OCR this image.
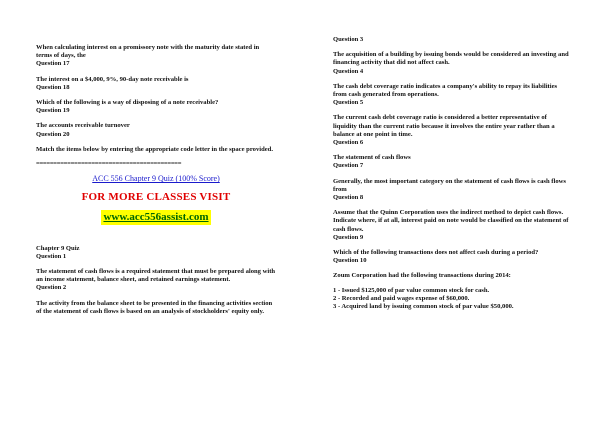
When calculating interest on a promissory note with the maturity date stated in terms of days, the
Question 17
The interest on a $4,000, 9%, 90-day note receivable is
Question 18
Which of the following is a way of disposing of a note receivable?
Question 19
The accounts receivable turnover
Question 20

Match the items below by entering the appropriate code letter in the space provided.

==========================================
ACC 556 Chapter 9 Quiz (100% Score)
FOR MORE CLASSES VISIT
www.acc556assist.com
Chapter 9 Quiz
Question 1
The statement of cash flows is a required statement that must be prepared along with an income statement, balance sheet, and retained earnings statement.
Question 2
The activity from the balance sheet to be presented in the financing activities section of the statement of cash flows is based on an analysis of stockholders' equity only.
Question 3
The acquisition of a building by issuing bonds would be considered an investing and financing activity that did not affect cash.
Question 4
The cash debt coverage ratio indicates a company's ability to repay its liabilities from cash generated from operations.
Question 5
The current cash debt coverage ratio is considered a better representative of liquidity than the current ratio because it involves the entire year rather than a balance at one point in time.
Question 6
The statement of cash flows
Question 7
Generally, the most important category on the statement of cash flows is cash flows from
Question 8
Assume that the Quinn Corporation uses the indirect method to depict cash flows. Indicate where, if at all, interest paid on note would be classified on the statement of cash flows.
Question 9
Which of the following transactions does not affect cash during a period?
Question 10

Zoum Corporation had the following transactions during 2014:

1 - Issued $125,000 of par value common stock for cash.
2 - Recorded and paid wages expense of $60,000.
3 - Acquired land by issuing common stock of par value $50,000.
